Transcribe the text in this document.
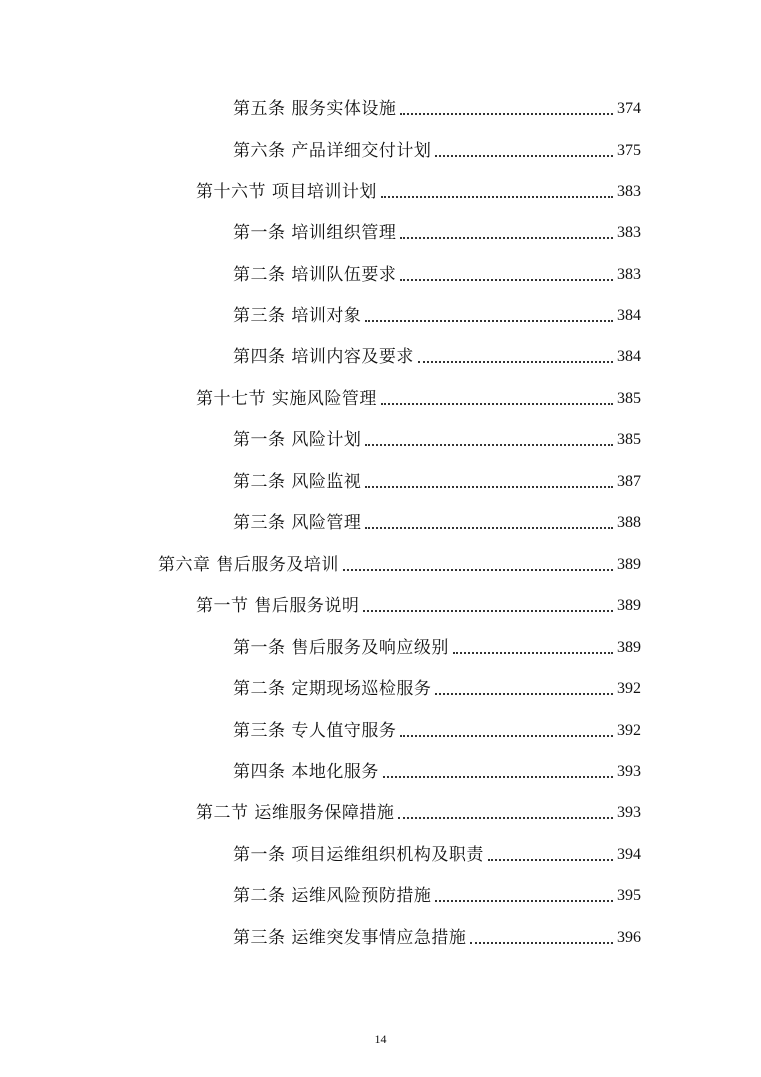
第五条 服务实体设施	374
第六条 产品详细交付计划	375
第十六节 项目培训计划	383
第一条 培训组织管理	383
第二条 培训队伍要求	383
第三条 培训对象	384
第四条 培训内容及要求	384
第十七节 实施风险管理	385
第一条 风险计划	385
第二条 风险监视	387
第三条 风险管理	388
第六章 售后服务及培训	389
第一节 售后服务说明	389
第一条 售后服务及响应级别	389
第二条 定期现场巡检服务	392
第三条 专人值守服务	392
第四条 本地化服务	393
第二节 运维服务保障措施	393
第一条 项目运维组织机构及职责	394
第二条 运维风险预防措施	395
第三条 运维突发事情应急措施	396
14
